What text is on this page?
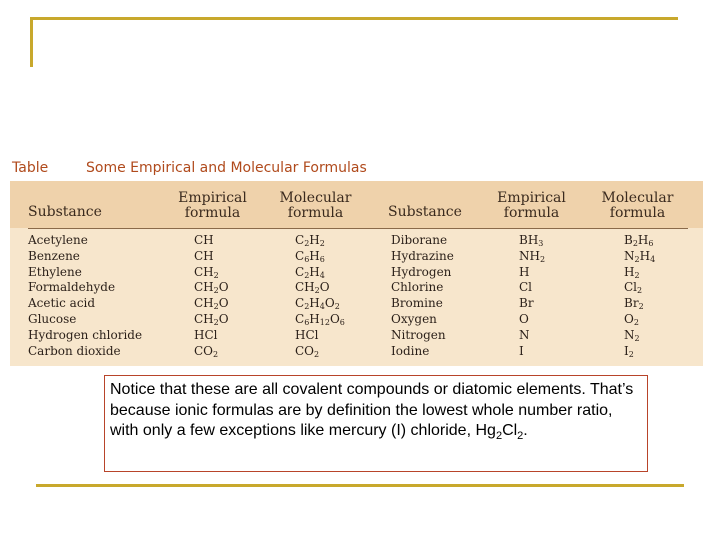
Table	Some Empirical and Molecular Formulas
Substance
Empirical
formula
Molecular
formula	Substance
Empirical
formula
Molecular
formula
Acetylene
Benzene
Ethylene
Formaldehyde
Acetic acid
Glucose
Hydrogen chloride
Carbon dioxide
CH
CH
$CH_2$
$CH_2O$
$CH_2O$
$CH_2O$
HCl
$CO_2$
$C_2H_2$
$C_6H_6$
$C_2H_4$
$CH_2O$
$C_2H_4O_2$
$C_6H_{12}O_6$
HCl
$CO_2$
Diborane
Hydrazine
Hydrogen
Chlorine
Bromine
Oxygen
Nitrogen
Iodine
$BH_3$
$NH_2$
H
Cl
Br
O
N
I
$B_2H_6$
$N_2H_4$
$H_2$
$Cl_2$
$Br_2$
$O_2$
$N_2$
$I_2$
Notice that these are all covalent compounds or diatomic elements. That’s because ionic formulas are by definition the lowest whole number ratio, with only a few exceptions like mercury (I) chloride, $Hg_2Cl_2$.
